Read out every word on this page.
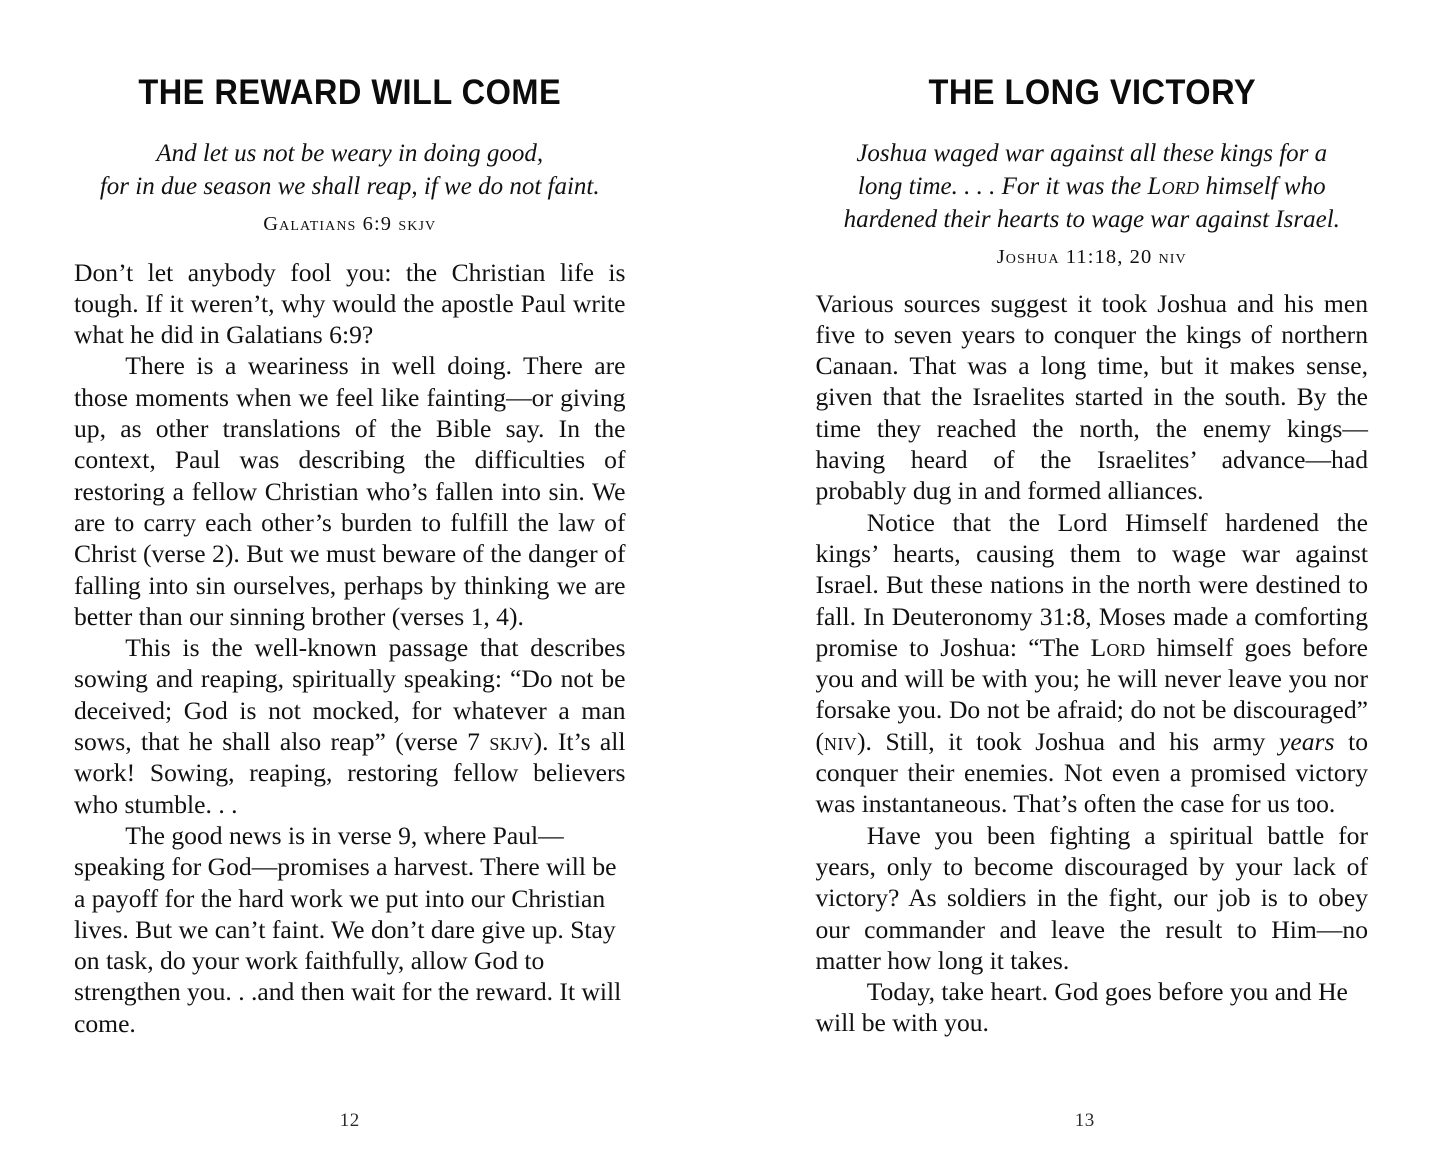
THE REWARD WILL COME
And let us not be weary in doing good,
for in due season we shall reap, if we do not faint.
Galatians 6:9 skjv

Don’t let anybody fool you: the Christian life is tough. If it weren’t, why would the apostle Paul write what he did in Galatians 6:9?

There is a weariness in well doing. There are those moments when we feel like fainting—or giving up, as other translations of the Bible say. In the context, Paul was describing the difficulties of restoring a fellow Christian who’s fallen into sin. We are to carry each other’s burden to fulfill the law of Christ (verse 2). But we must beware of the danger of falling into sin ourselves, perhaps by thinking we are better than our sinning brother (verses 1, 4).

This is the well-known passage that describes sowing and reaping, spiritually speaking: “Do not be deceived; God is not mocked, for whatever a man sows, that he shall also reap” (verse 7 skjv). It’s all work! Sowing, reaping, restoring fellow believers who stumble. . .

The good news is in verse 9, where Paul—speaking for God—promises a harvest. There will be a payoff for the hard work we put into our Christian lives. But we can’t faint. We don’t dare give up. Stay on task, do your work faithfully, allow God to strengthen you. . .and then wait for the reward. It will come.

12
THE LONG VICTORY
Joshua waged war against all these kings for a
long time. . . . For it was the Lord himself who
hardened their hearts to wage war against Israel.
Joshua 11:18, 20 niv

Various sources suggest it took Joshua and his men five to seven years to conquer the kings of northern Canaan. That was a long time, but it makes sense, given that the Israelites started in the south. By the time they reached the north, the enemy kings—having heard of the Israelites’ advance—had probably dug in and formed alliances.

Notice that the Lord Himself hardened the kings’ hearts, causing them to wage war against Israel. But these nations in the north were destined to fall. In Deuteronomy 31:8, Moses made a comforting promise to Joshua: “The Lord himself goes before you and will be with you; he will never leave you nor forsake you. Do not be afraid; do not be discouraged” (niv). Still, it took Joshua and his army years to conquer their enemies. Not even a promised victory was instantaneous. That’s often the case for us too.

Have you been fighting a spiritual battle for years, only to become discouraged by your lack of victory? As soldiers in the fight, our job is to obey our commander and leave the result to Him—no matter how long it takes.

Today, take heart. God goes before you and He will be with you.

13
